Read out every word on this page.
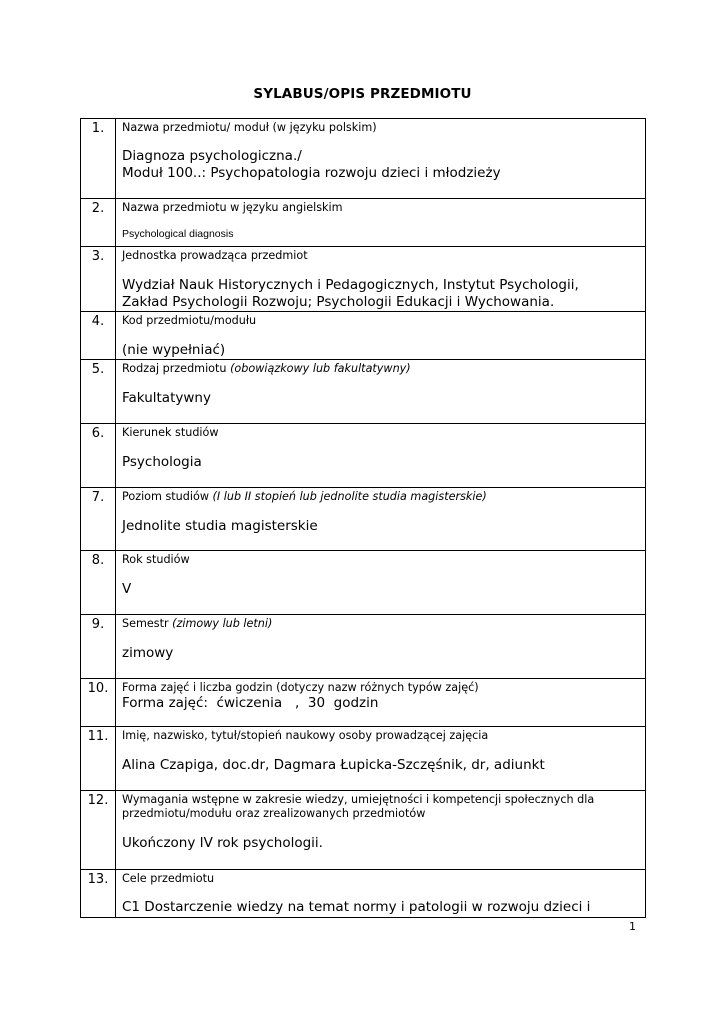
SYLABUS/OPIS PRZEDMIOTU
1.	Nazwa przedmiotu/ moduł (w języku polskim)
Diagnoza psychologiczna./
Moduł 100..: Psychopatologia rozwoju dzieci i młodzieży

2.	Nazwa przedmiotu w języku angielskim
Psychological diagnosis

3.	Jednostka prowadząca przedmiot
Wydział Nauk Historycznych i Pedagogicznych, Instytut Psychologii,
Zakład Psychologii Rozwoju; Psychologii Edukacji i Wychowania.

4.	Kod przedmiotu/modułu
(nie wypełniać)

5.	Rodzaj przedmiotu (obowiązkowy lub fakultatywny)
Fakultatywny

6.	Kierunek studiów
Psychologia

7.	Poziom studiów (I lub II stopień lub jednolite studia magisterskie)
Jednolite studia magisterskie

8.	Rok studiów
V

9.	Semestr (zimowy lub letni)
zimowy

10.	Forma zajęć i liczba godzin (dotyczy nazw różnych typów zajęć)
Forma zajęć:  ćwiczenia   ,  30  godzin

11.	Imię, nazwisko, tytuł/stopień naukowy osoby prowadzącej zajęcia
Alina Czapiga, doc.dr, Dagmara Łupicka-Szczęśnik, dr, adiunkt

12.	Wymagania wstępne w zakresie wiedzy, umiejętności i kompetencji społecznych dla
przedmiotu/modułu oraz zrealizowanych przedmiotów
Ukończony IV rok psychologii.

13.	Cele przedmiotu
C1 Dostarczenie wiedzy na temat normy i patologii w rozwoju dzieci i
1
